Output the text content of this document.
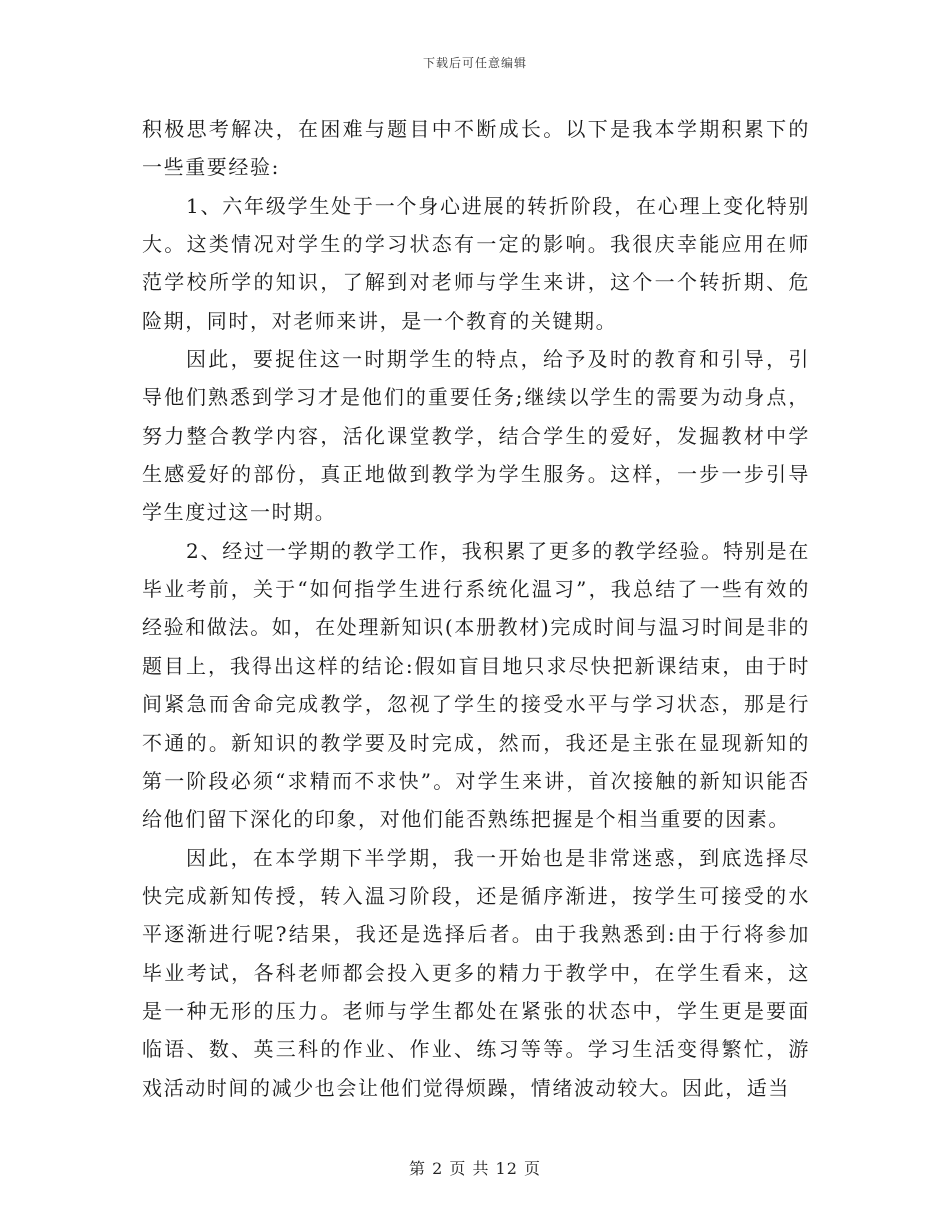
下载后可任意编辑

积极思考解决，在困难与题目中不断成长。以下是我本学期积累下的一些重要经验:

1、六年级学生处于一个身心进展的转折阶段，在心理上变化特别大。这类情况对学生的学习状态有一定的影响。我很庆幸能应用在师范学校所学的知识，了解到对老师与学生来讲，这个一个转折期、危险期，同时，对老师来讲，是一个教育的关键期。

因此，要捉住这一时期学生的特点，给予及时的教育和引导，引导他们熟悉到学习才是他们的重要任务;继续以学生的需要为动身点，努力整合教学内容，活化课堂教学，结合学生的爱好，发掘教材中学生感爱好的部份，真正地做到教学为学生服务。这样，一步一步引导学生度过这一时期。

2、经过一学期的教学工作，我积累了更多的教学经验。特别是在毕业考前，关于“如何指学生进行系统化温习”，我总结了一些有效的经验和做法。如，在处理新知识(本册教材)完成时间与温习时间是非的题目上，我得出这样的结论:假如盲目地只求尽快把新课结束，由于时间紧急而舍命完成教学，忽视了学生的接受水平与学习状态，那是行不通的。新知识的教学要及时完成，然而，我还是主张在显现新知的第一阶段必须“求精而不求快”。对学生来讲，首次接触的新知识能否给他们留下深化的印象，对他们能否熟练把握是个相当重要的因素。

因此，在本学期下半学期，我一开始也是非常迷惑，到底选择尽快完成新知传授，转入温习阶段，还是循序渐进，按学生可接受的水平逐渐进行呢?结果，我还是选择后者。由于我熟悉到:由于行将参加毕业考试，各科老师都会投入更多的精力于教学中，在学生看来，这是一种无形的压力。老师与学生都处在紧张的状态中，学生更是要面临语、数、英三科的作业、作业、练习等等。学习生活变得繁忙，游戏活动时间的减少也会让他们觉得烦躁，情绪波动较大。因此，适当

第 2 页 共 12 页
